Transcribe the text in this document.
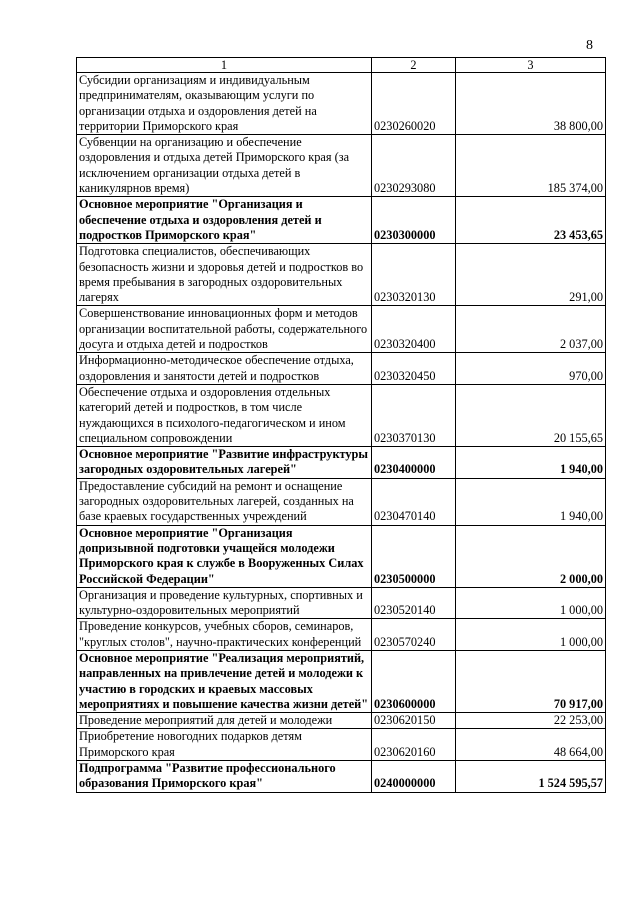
8
1	2	3
Субсидии организациям и индивидуальным предпринимателям, оказывающим услуги по организации отдыха и оздоровления детей на территории Приморского края	0230260020	38 800,00
Субвенции на организацию и обеспечение оздоровления и отдыха детей Приморского края (за исключением организации отдыха детей в каникулярнов время)	0230293080	185 374,00
Основное мероприятие "Организация и обеспечение отдыха и оздоровления детей и подростков Приморского края"	0230300000	23 453,65
Подготовка специалистов, обеспечивающих безопасность жизни и здоровья детей и подростков во время пребывания в загородных оздоровительных лагерях	0230320130	291,00
Совершенствование инновационных форм и методов организации воспитательной работы, содержательного досуга и отдыха детей и подростков	0230320400	2 037,00
Информационно-методическое обеспечение отдыха, оздоровления и занятости детей и подростков	0230320450	970,00
Обеспечение отдыха и оздоровления отдельных категорий детей и подростков, в том числе нуждающихся в психолого-педагогическом и ином специальном сопровождении	0230370130	20 155,65
Основное мероприятие "Развитие инфраструктуры загородных оздоровительных лагерей"	0230400000	1 940,00
Предоставление субсидий на ремонт и оснащение загородных оздоровительных лагерей, созданных на базе краевых государственных учреждений	0230470140	1 940,00
Основное мероприятие "Организация допризывной подготовки учащейся молодежи Приморского края к службе в Вооруженных Силах Российской Федерации"	0230500000	2 000,00
Организация и проведение культурных, спортивных и культурно-оздоровительных мероприятий	0230520140	1 000,00
Проведение конкурсов, учебных сборов, семинаров, "круглых столов", научно-практических конференций	0230570240	1 000,00
Основное мероприятие "Реализация мероприятий, направленных на привлечение детей и молодежи к участию в городских и краевых массовых мероприятиях и повышение качества жизни детей"	0230600000	70 917,00
Проведение мероприятий для детей и молодежи	0230620150	22 253,00
Приобретение новогодних подарков детям Приморского края	0230620160	48 664,00
Подпрограмма "Развитие профессионального образования Приморского края"	0240000000	1 524 595,57
